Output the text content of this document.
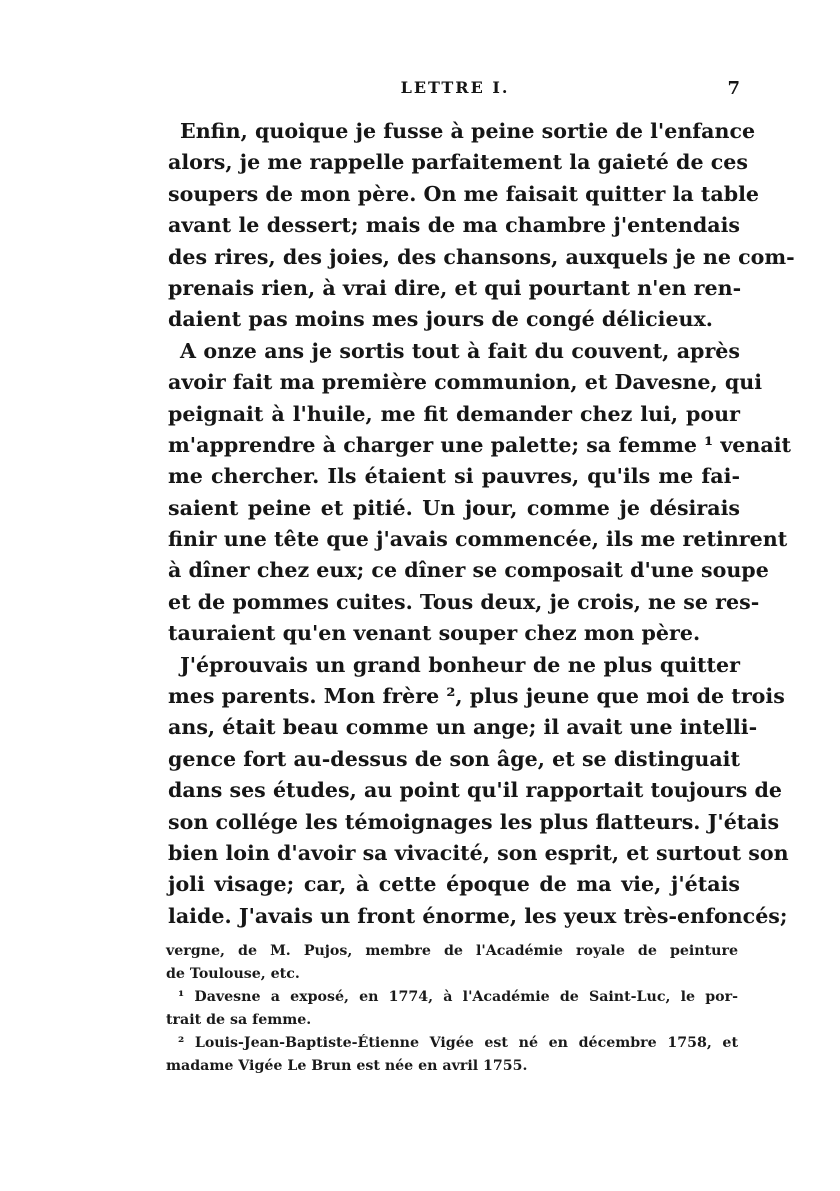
LETTRE I.	7
Enfin, quoique je fusse à peine sortie de l'enfance
alors, je me rappelle parfaitement la gaieté de ces
soupers de mon père. On me faisait quitter la table
avant le dessert; mais de ma chambre j'entendais
des rires, des joies, des chansons, auxquels je ne com-
prenais rien, à vrai dire, et qui pourtant n'en ren-
daient pas moins mes jours de congé délicieux.
A onze ans je sortis tout à fait du couvent, après
avoir fait ma première communion, et Davesne, qui
peignait à l'huile, me fit demander chez lui, pour
m'apprendre à charger une palette; sa femme ¹ venait
me chercher. Ils étaient si pauvres, qu'ils me fai-
saient peine et pitié. Un jour, comme je désirais
finir une tête que j'avais commencée, ils me retinrent
à dîner chez eux; ce dîner se composait d'une soupe
et de pommes cuites. Tous deux, je crois, ne se res-
tauraient qu'en venant souper chez mon père.
J'éprouvais un grand bonheur de ne plus quitter
mes parents. Mon frère ², plus jeune que moi de trois
ans, était beau comme un ange; il avait une intelli-
gence fort au-dessus de son âge, et se distinguait
dans ses études, au point qu'il rapportait toujours de
son collége les témoignages les plus flatteurs. J'étais
bien loin d'avoir sa vivacité, son esprit, et surtout son
joli visage; car, à cette époque de ma vie, j'étais
laide. J'avais un front énorme, les yeux très-enfoncés;
vergne, de M. Pujos, membre de l'Académie royale de peinture
de Toulouse, etc.
¹ Davesne a exposé, en 1774, à l'Académie de Saint-Luc, le por-
trait de sa femme.
² Louis-Jean-Baptiste-Étienne Vigée est né en décembre 1758, et
madame Vigée Le Brun est née en avril 1755.
